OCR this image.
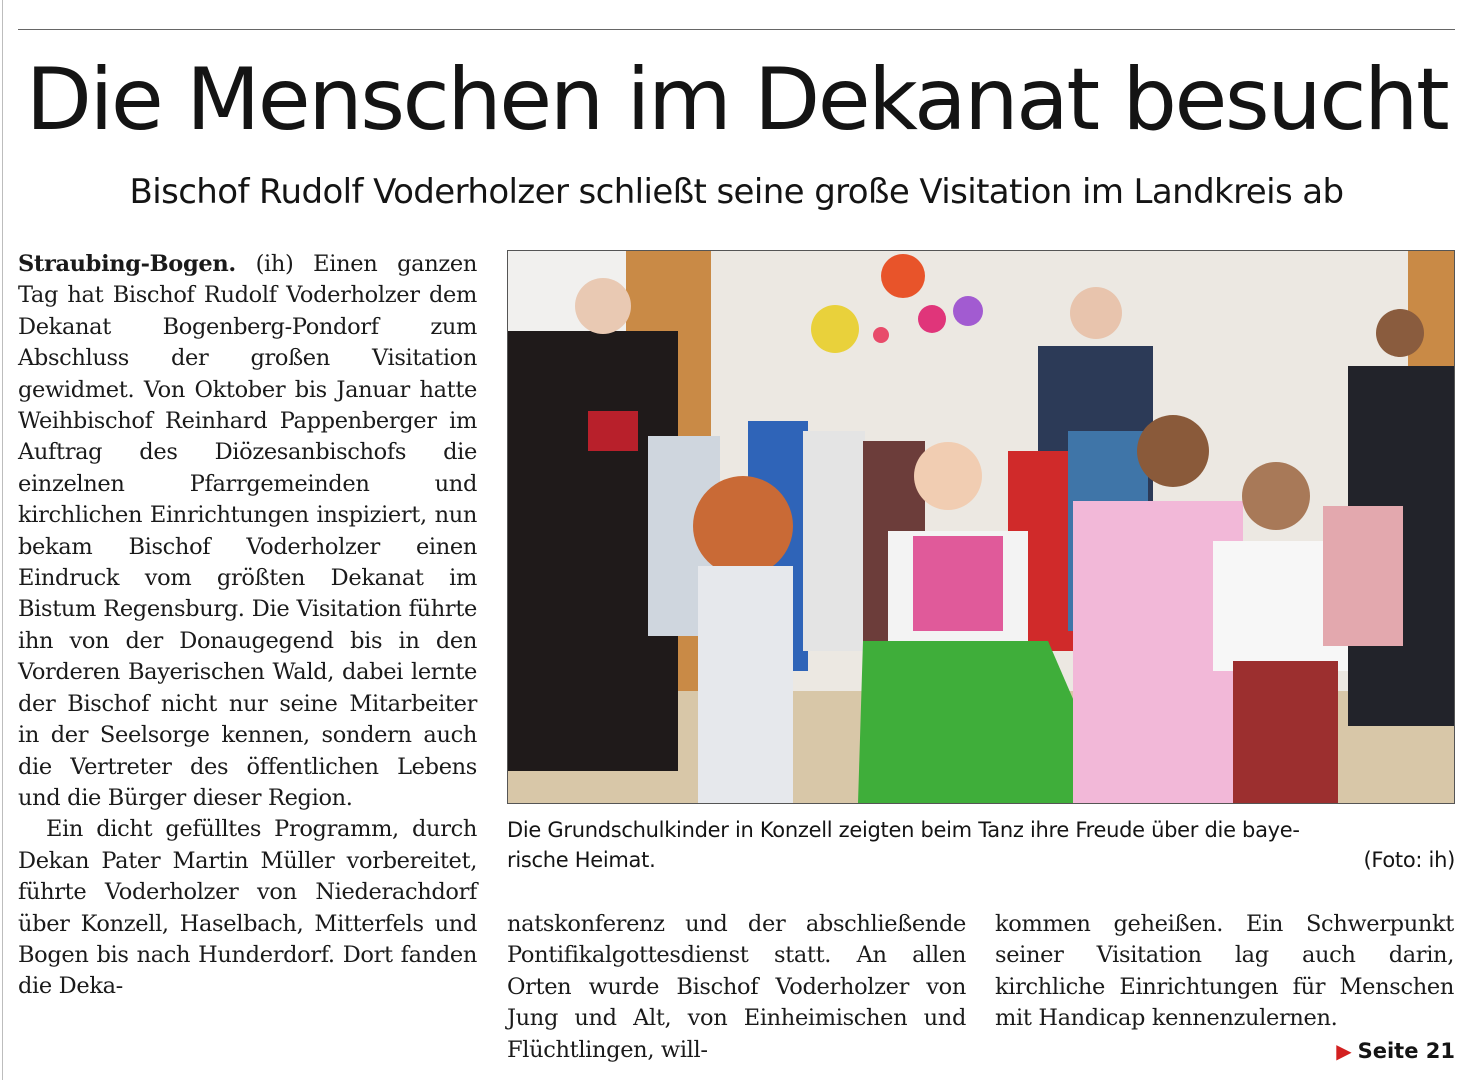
Die Menschen im Dekanat besucht
Bischof Rudolf Voderholzer schließt seine große Visitation im Landkreis ab

Straubing-Bogen. (ih) Einen ganzen Tag hat Bischof Rudolf Voderholzer dem Dekanat Bogenberg-Pondorf zum Abschluss der großen Visitation gewidmet. Von Oktober bis Januar hatte Weihbischof Reinhard Pappenberger im Auftrag des Diözesanbischofs die einzelnen Pfarrgemeinden und kirchlichen Einrichtungen inspiziert, nun bekam Bischof Voderholzer einen Eindruck vom größten Dekanat im Bistum Regensburg. Die Visitation führte ihn von der Donaugegend bis in den Vorderen Bayerischen Wald, dabei lernte der Bischof nicht nur seine Mitarbeiter in der Seelsorge kennen, sondern auch die Vertreter des öffentlichen Lebens und die Bürger dieser Region.

Ein dicht gefülltes Programm, durch Dekan Pater Martin Müller vorbereitet, führte Voderholzer von Niederachdorf über Konzell, Haselbach, Mitterfels und Bogen bis nach Hunderdorf. Dort fanden die Deka-

Die Grundschulkinder in Konzell zeigten beim Tanz ihre Freude über die baye-
rische Heimat.	(Foto: ih)

natskonferenz und der abschließende Pontifikalgottesdienst statt. An allen Orten wurde Bischof Voderholzer von Jung und Alt, von Einheimischen und Flüchtlingen, will-

kommen geheißen. Ein Schwerpunkt seiner Visitation lag auch darin, kirchliche Einrichtungen für Menschen mit Handicap kennenzulernen.

▶ Seite 21
